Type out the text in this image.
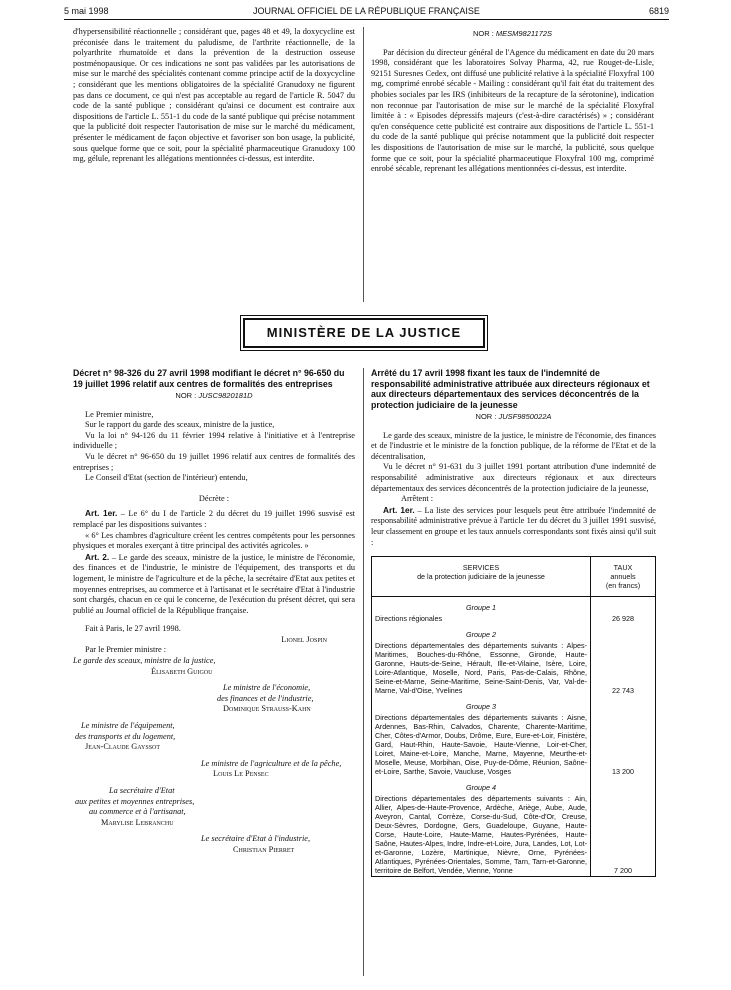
5 mai 1998	JOURNAL OFFICIEL DE LA RÉPUBLIQUE FRANÇAISE	6819

d'hypersensibilité réactionnelle ; considérant que, pages 48 et 49, la doxycycline est préconisée dans le traitement du paludisme, de l'arthrite réactionnelle, de la polyarthrite rhumatoïde et dans la prévention de la destruction osseuse postménopausique. Or ces indications ne sont pas validées par les autorisations de mise sur le marché des spécialités contenant comme principe actif de la doxycycline ; considérant que les mentions obligatoires de la spécialité Granudoxy ne figurent pas dans ce document, ce qui n'est pas acceptable au regard de l'article R. 5047 du code de la santé publique ; considérant qu'ainsi ce document est contraire aux dispositions de l'article L. 551-1 du code de la santé publique qui précise notamment que la publicité doit respecter l'autorisation de mise sur le marché du médicament, présenter le médicament de façon objective et favoriser son bon usage, la publicité, sous quelque forme que ce soit, pour la spécialité pharmaceutique Granudoxy 100 mg, gélule, reprenant les allégations mentionnées ci-dessus, est interdite.

NOR : MESM9821172S

Par décision du directeur général de l'Agence du médicament en date du 20 mars 1998, considérant que les laboratoires Solvay Pharma, 42, rue Rouget-de-Lisle, 92151 Suresnes Cedex, ont diffusé une publicité relative à la spécialité Floxyfral 100 mg, comprimé enrobé sécable - Mailing : considérant qu'il fait état du traitement des phobies sociales par les IRS (inhibiteurs de la recapture de la sérotonine), indication non reconnue par l'autorisation de mise sur le marché de la spécialité Floxyfral limitée à : « Episodes dépressifs majeurs (c'est-à-dire caractérisés) » ; considérant qu'en conséquence cette publicité est contraire aux dispositions de l'article L. 551-1 du code de la santé publique qui précise notamment que la publicité doit respecter les dispositions de l'autorisation de mise sur le marché, la publicité, sous quelque forme que ce soit, pour la spécialité pharmaceutique Floxyfral 100 mg, comprimé enrobé sécable, reprenant les allégations mentionnées ci-dessus, est interdite.

MINISTÈRE DE LA JUSTICE

Décret n° 98-326 du 27 avril 1998 modifiant le décret n° 96-650 du 19 juillet 1996 relatif aux centres de formalités des entreprises

NOR : JUSC9820181D

Le Premier ministre,

Sur le rapport du garde des sceaux, ministre de la justice,

Vu la loi n° 94-126 du 11 février 1994 relative à l'initiative et à l'entreprise individuelle ;

Vu le décret n° 96-650 du 19 juillet 1996 relatif aux centres de formalités des entreprises ;

Le Conseil d'Etat (section de l'intérieur) entendu,

Décrète :

Art. 1er. – Le 6° du I de l'article 2 du décret du 19 juillet 1996 susvisé est remplacé par les dispositions suivantes :

« 6° Les chambres d'agriculture créent les centres compétents pour les personnes physiques et morales exerçant à titre principal des activités agricoles. »

Art. 2. – Le garde des sceaux, ministre de la justice, le ministre de l'économie, des finances et de l'industrie, le ministre de l'équipement, des transports et du logement, le ministre de l'agriculture et de la pêche, la secrétaire d'Etat aux petites et moyennes entreprises, au commerce et à l'artisanat et le secrétaire d'Etat à l'industrie sont chargés, chacun en ce qui le concerne, de l'exécution du présent décret, qui sera publié au Journal officiel de la République française.

Fait à Paris, le 27 avril 1998.

Lionel Jospin

Par le Premier ministre :

Le garde des sceaux, ministre de la justice,

Élisabeth Guigou

Le ministre de l'économie,

des finances et de l'industrie,

Dominique Strauss-Kahn

Le ministre de l'équipement,

des transports et du logement,

Jean-Claude Gayssot

Le ministre de l'agriculture et de la pêche,

Louis Le Pensec

La secrétaire d'Etat

aux petites et moyennes entreprises,

au commerce et à l'artisanat,

Marylise Lebranchu

Le secrétaire d'Etat à l'industrie,

Christian Pierret

Arrêté du 17 avril 1998 fixant les taux de l'indemnité de responsabilité administrative attribuée aux directeurs régionaux et aux directeurs départementaux des services déconcentrés de la protection judiciaire de la jeunesse

NOR : JUSF9850022A

Le garde des sceaux, ministre de la justice, le ministre de l'économie, des finances et de l'industrie et le ministre de la fonction publique, de la réforme de l'Etat et de la décentralisation,

Vu le décret n° 91-631 du 3 juillet 1991 portant attribution d'une indemnité de responsabilité administrative aux directeurs régionaux et aux directeurs départementaux des services déconcentrés de la protection judiciaire de la jeunesse,

Arrêtent :

Art. 1er. – La liste des services pour lesquels peut être attribuée l'indemnité de responsabilité administrative prévue à l'article 1er du décret du 3 juillet 1991 susvisé, leur classement en groupe et les taux annuels correspondants sont fixés ainsi qu'il suit :

SERVICES
de la protection judiciaire de la jeunesse	TAUX
annuels
(en francs)

Groupe 1	
Directions régionales	26 928
Groupe 2	
Directions départementales des départements suivants : Alpes-Maritimes, Bouches-du-Rhône, Essonne, Gironde, Haute-Garonne, Hauts-de-Seine, Hérault, Ille-et-Vilaine, Isère, Loire, Loire-Atlantique, Moselle, Nord, Paris, Pas-de-Calais, Rhône, Seine-et-Marne, Seine-Maritime, Seine-Saint-Denis, Var, Val-de-Marne, Val-d'Oise, Yvelines	22 743
Groupe 3	
Directions départementales des départements suivants : Aisne, Ardennes, Bas-Rhin, Calvados, Charente, Charente-Maritime, Cher, Côtes-d'Armor, Doubs, Drôme, Eure, Eure-et-Loir, Finistère, Gard, Haut-Rhin, Haute-Savoie, Haute-Vienne, Loir-et-Cher, Loiret, Maine-et-Loire, Manche, Marne, Mayenne, Meurthe-et-Moselle, Meuse, Morbihan, Oise, Puy-de-Dôme, Réunion, Saône-et-Loire, Sarthe, Savoie, Vaucluse, Vosges	13 200
Groupe 4	
Directions départementales des départements suivants : Ain, Allier, Alpes-de-Haute-Provence, Ardèche, Ariège, Aube, Aude, Aveyron, Cantal, Corrèze, Corse-du-Sud, Côte-d'Or, Creuse, Deux-Sèvres, Dordogne, Gers, Guadeloupe, Guyane, Haute-Corse, Haute-Loire, Haute-Marne, Hautes-Pyrénées, Haute-Saône, Hautes-Alpes, Indre, Indre-et-Loire, Jura, Landes, Lot, Lot-et-Garonne, Lozère, Martinique, Nièvre, Orne, Pyrénées-Atlantiques, Pyrénées-Orientales, Somme, Tarn, Tarn-et-Garonne, territoire de Belfort, Vendée, Vienne, Yonne	7 200
